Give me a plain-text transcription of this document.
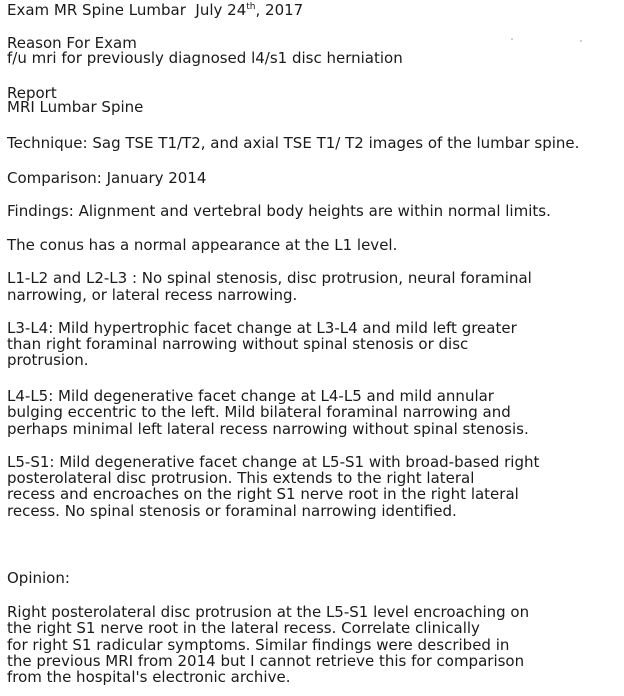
Exam MR Spine Lumbar July 24th, 2017
Reason For Exam
f/u mri for previously diagnosed l4/s1 disc herniation
Report
MRI Lumbar Spine
Technique: Sag TSE T1/T2, and axial TSE T1/ T2 images of the lumbar spine.
Comparison: January 2014
Findings: Alignment and vertebral body heights are within normal limits.
The conus has a normal appearance at the L1 level.
L1-L2 and L2-L3 : No spinal stenosis, disc protrusion, neural foraminal
narrowing, or lateral recess narrowing.
L3-L4: Mild hypertrophic facet change at L3-L4 and mild left greater
than right foraminal narrowing without spinal stenosis or disc
protrusion.
L4-L5: Mild degenerative facet change at L4-L5 and mild annular
bulging eccentric to the left. Mild bilateral foraminal narrowing and
perhaps minimal left lateral recess narrowing without spinal stenosis.
L5-S1: Mild degenerative facet change at L5-S1 with broad-based right
posterolateral disc protrusion. This extends to the right lateral
recess and encroaches on the right S1 nerve root in the right lateral
recess. No spinal stenosis or foraminal narrowing identified.
Opinion:
Right posterolateral disc protrusion at the L5-S1 level encroaching on
the right S1 nerve root in the lateral recess. Correlate clinically
for right S1 radicular symptoms. Similar findings were described in
the previous MRI from 2014 but I cannot retrieve this for comparison
from the hospital's electronic archive.
